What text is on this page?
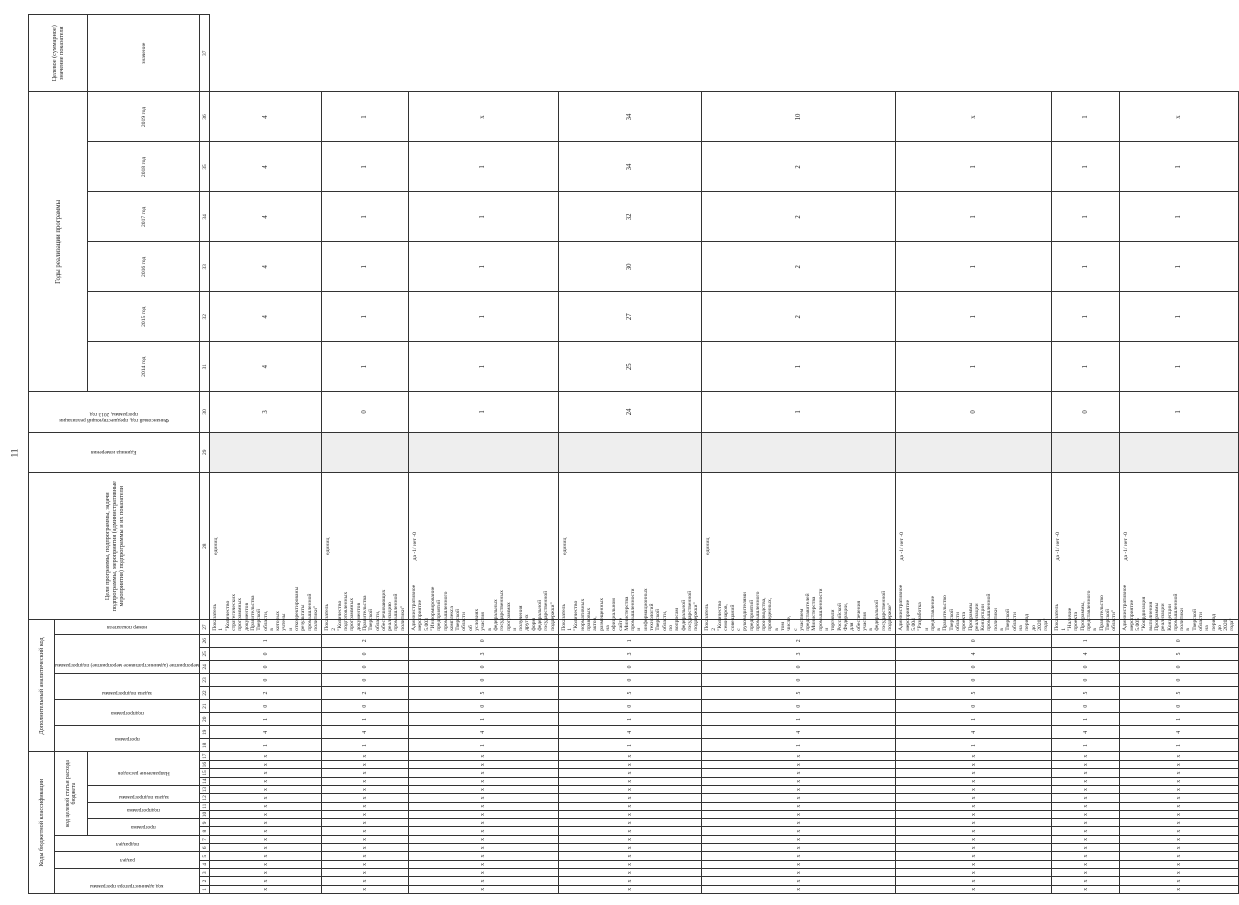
11
Коды бюджетной классификации																	Дополнительный аналитический код										Цели программы, подпрограммы, задачи подпрограммы, мероприятия (административные мероприятия) подпрограммы и их показатели	Единица измерения	Финансовый год, предшествующий реализации программы, 2013 год	Годы реализации программы						Целевое (суммарное) значение показателя

код администратора программы			раздел		подраздел		код целевой статьи расхода бюджета										программа		подпрограмма		задача подпрограммы		мероприятие (административное мероприятие) подпрограммы			номер показателя										

							программа		подпрограмма		задача подпрограммы		Направление расходов																	2014 год	2015 год	2016 год	2017 год	2018 год	2019 год	значение
1	2	3	4	5	6	7	8	9	10	11	12	13	14	15	16	17	18	19	20	21	22	23	24	25	26	27	28	29	30	31	32	33	34	35	36	37
х	х	х	х	х	х	х	х	х	х	х	х	х	х	х	х	х	1	4	1	0	2	0	0	0	1	Показатель 1 "Количество стратегических программных документов Правительства Тверской области, в которых учтены и откорректированы результаты промышленной политики"	единиц		3	4	4	4	4	4	4	
х	х	х	х	х	х	х	х	х	х	х	х	х	х	х	х	х	1	4	1	0	2	0	0	0	2	Показатель 2 "Количество подготовленных программных документов Правительства Тверской области, обеспечивающих реализацию промышленной политики"	единиц		0	1	1	1	1	1	1	
х	х	х	х	х	х	х	х	х	х	х	х	х	х	х	х	х	1	4	1	0	5	0	0	3	0	Административное мероприятие 5.003 "Информирование предприятий промышленного комплекса Тверской области об условиях участия в федеральных государственных программах и получения других форм федеральной государственной поддержки"	да -1/ нет -0		1	1	1	1	1	1	х	
х	х	х	х	х	х	х	х	х	х	х	х	х	х	х	х	х	1	4	1	0	5	0	0	3	1	Показатель 1 "Количество нормативных правовых актов, размещенных на официальном сайте Министерства промышленности и информационных технологий Тверской области, по вопросам федеральной государственной поддержки"	единиц		24	25	27	30	32	34	34	
х	х	х	х	х	х	х	х	х	х	х	х	х	х	х	х	х	1	4	1	0	5	0	0	3	2	Показатель 2 "Количество семинаров, совещаний с руководителями предприятий промышленного производства, проведенных, в том числе, с участием представителей Министерства промышленности и торговли Российской Федерации, для обеспечения участия в федеральной государственной поддержке"	единиц		1	1	2	2	2	2	10	
х	х	х	х	х	х	х	х	х	х	х	х	х	х	х	х	х	1	4	1	0	5	0	0	4	0	Административное мероприятие 5.004 "Разработка и представление в Правительство Тверской области проекта Программы реализации Концепции промышленной политики в Тверской области на период до 2020 года"	да -1/ нет -0		0	1	1	1	1	1	х	
х	х	х	х	х	х	х	х	х	х	х	х	х	х	х	х	х	1	4	1	0	5	0	0	4	1	Показатель 1 "Наличие проекта Программы, представленного в Правительство Тверской области"	да -1/ нет -0		0	1	1	1	1	1	1	
х	х	х	х	х	х	х	х	х	х	х	х	х	х	х	х	х	1	4	1	0	5	0	0	5	0	Административное мероприятие 5.005 "Координация выполнения Программы реализации Концепции промышленной политики в Тверской области на период до 2020 года"	да -1/ нет -0		1	1	1	1	1	1	х	
